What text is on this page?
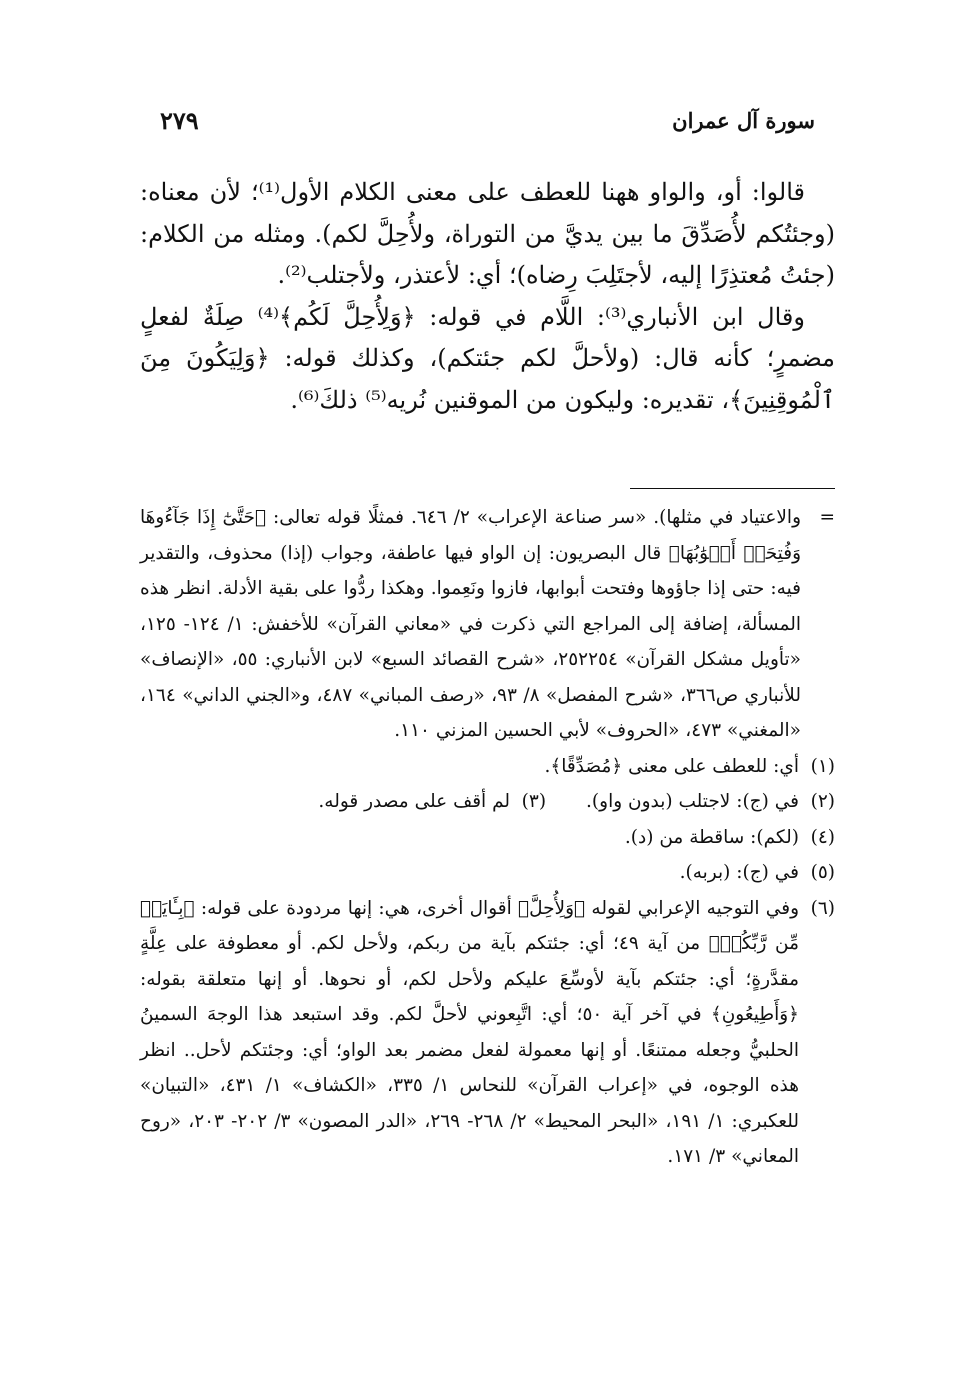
سورة آل عمران
٢٧٩

قالوا: أو، والواو ههنا للعطف على معنى الكلام الأول⁽¹⁾؛ لأن معناه: (وجئتُكم لأُصَدِّقَ ما بين يديَّ من التوراة، ولأُحِلَّ لكم). ومثله من الكلام: (جئتُ مُعتذِرًا إليه، لأجتَلِبَ رِضاه)؛ أي: لأعتذر، ولأجتلب⁽²⁾.

وقال ابن الأنباري⁽³⁾: اللَّام في قوله: ﴿وَلِأُحِلَّ لَكُم﴾⁽⁴⁾ صِلَةٌ لفعلٍ مضمرٍ؛ كأنه قال: (ولأحلَّ لكم جئتكم)، وكذلك قوله: ﴿وَلِيَكُونَ مِنَ ٱلْمُوقِنِينَ﴾، تقديره: وليكون من الموقنين نُريه⁽⁵⁾ ذلكَ⁽⁶⁾.

=
والاعتياد في مثلها). «سر صناعة الإعراب» ٢/ ٦٤٦. فمثلًا قوله تعالى: ﴿حَتَّىٰٓ إِذَا جَآءُوهَا وَفُتِحَتۡ أَبۡوَٰبُهَا﴾ قال البصريون: إن الواو فيها عاطفة، وجواب (إذا) محذوف، والتقدير فيه: حتى إذا جاؤوها وفتحت أبوابها، فازوا ونَعِموا. وهكذا ردُّوا على بقية الأدلة. انظر هذه المسألة، إضافة إلى المراجع التي ذكرت في «معاني القرآن» للأخفش: ١/ ١٢٤- ١٢٥، «تأويل مشكل القرآن» ٢٥٢٢٥٤، «شرح القصائد السبع» لابن الأنباري: ٥٥، «الإنصاف» للأنباري ص٣٦٦، «شرح المفصل» ٨/ ٩٣، «رصف المباني» ٤٨٧، و«الجني الداني» ١٦٤، «المغني» ٤٧٣، «الحروف» لأبي الحسين المزني ١١٠.
(١)
أي: للعطف على معنى ﴿مُصَدِّقًا﴾.
(٢)
في (ج): لاجتلب (بدون واو).
(٣)
لم أقف على مصدر قوله.
(٤)
(لكم): ساقطة من (د).
(٥)
في (ج): (بربه).
(٦)
وفي التوجيه الإعرابي لقوله ﴿وَلِأُحِلَّ﴾ أقوال أخرى، هي: إنها مردودة على قوله: ﴿بِـَٔايَةٖ مِّن رَّبِّكُمۡ﴾ من آية ٤٩؛ أي: جئتكم بآية من ربكم، ولأحل لكم. أو معطوفة على عِلَّةٍ مقدَّرةٍ؛ أي: جئتكم بآية لأوسِّعَ عليكم ولأحل لكم، أو نحوها. أو إنها متعلقة بقوله: ﴿وَأَطِيعُونِ﴾ في آخر آية ٥٠؛ أي: اتَّبِعوني لأحلَّ لكم. وقد استبعد هذا الوجهَ السمينُ الحلبيُّ وجعله ممتنعًا. أو إنها معمولة لفعل مضمر بعد الواو؛ أي: وجئتكم لأحل.. انظر هذه الوجوه، في «إعراب القرآن» للنحاس ١/ ٣٣٥، «الكشاف» ١/ ٤٣١، «التبيان» للعكبري: ١/ ١٩١، «البحر المحيط» ٢/ ٢٦٨- ٢٦٩، «الدر المصون» ٣/ ٢٠٢- ٢٠٣، «روح المعاني» ٣/ ١٧١.
